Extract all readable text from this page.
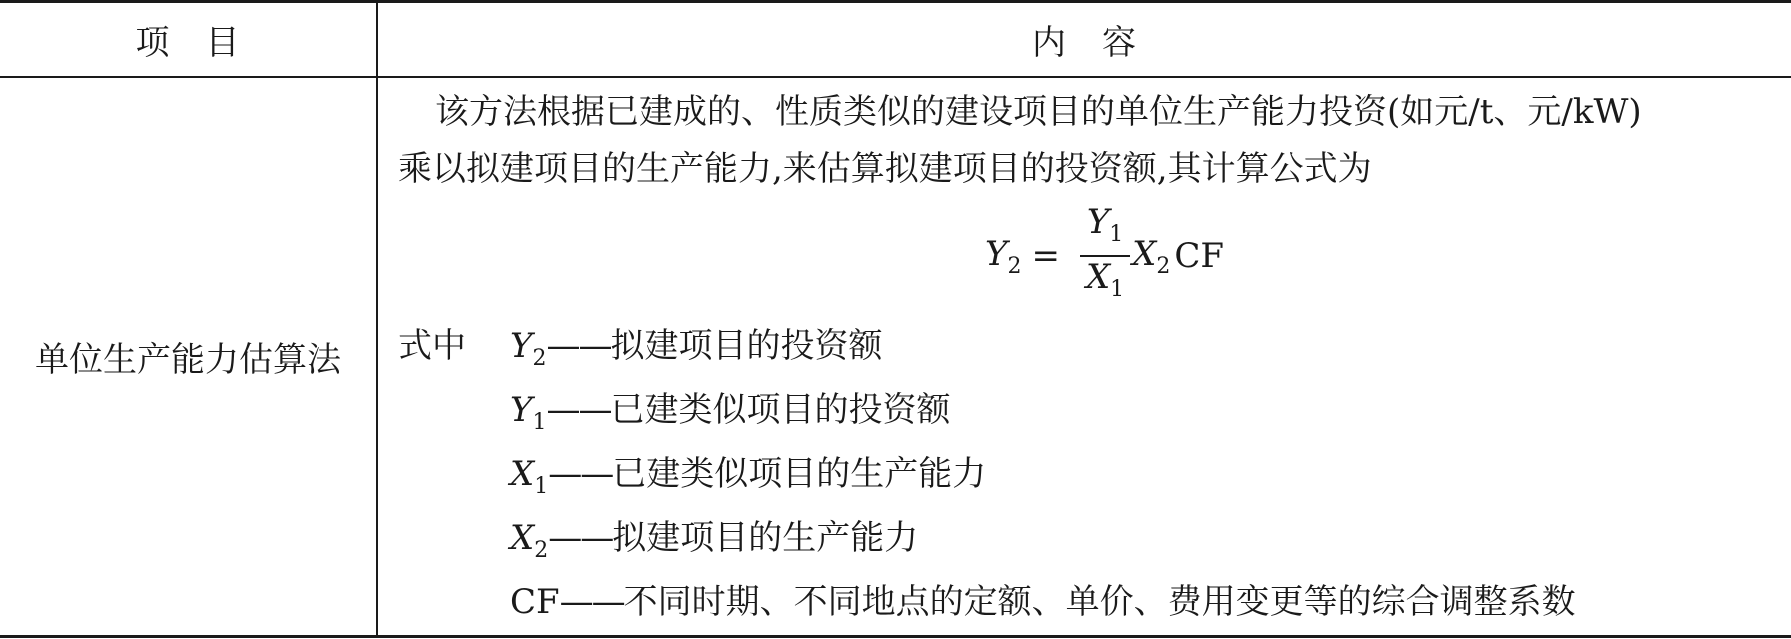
项　目	内　容
单位生产能力估算法
该方法根据已建成的、性质类似的建设项目的单位生产能力投资(如元/t、元/kW)
乘以拟建项目的生产能力,来估算拟建项目的投资额,其计算公式为
$Y_2 = \frac{Y_1}{X_1} X_2$ CF
式中 $Y_2——$拟建项目的投资额
$Y_1——$已建类似项目的投资额
$X_1——$已建类似项目的生产能力
$X_2——$拟建项目的生产能力
CF——不同时期、不同地点的定额、单价、费用变更等的综合调整系数
